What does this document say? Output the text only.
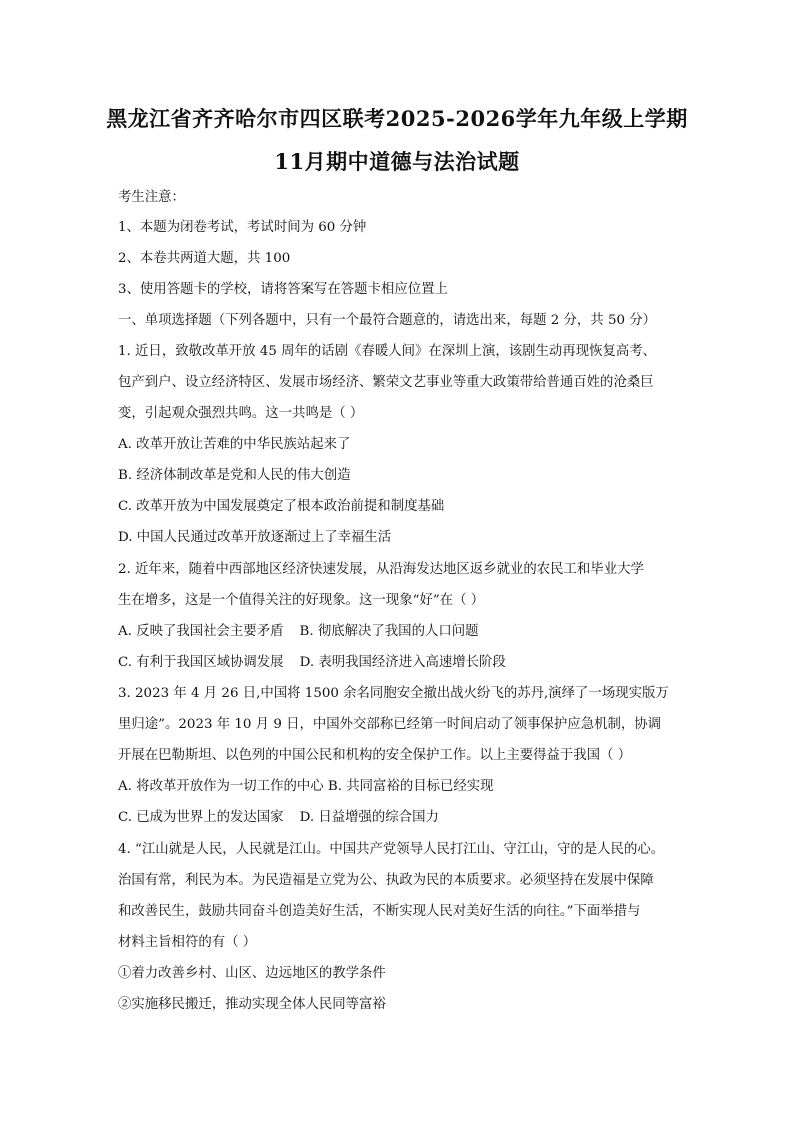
黑龙江省齐齐哈尔市四区联考2025-2026学年九年级上学期
11月期中道德与法治试题
考生注意：
1、本题为闭卷考试，考试时间为 60 分钟
2、本卷共两道大题，共 100
3、使用答题卡的学校，请将答案写在答题卡相应位置上
一、单项选择题（下列各题中，只有一个最符合题意的，请选出来，每题 2 分，共 50 分）
1. 近日，致敬改革开放 45 周年的话剧《春暖人间》在深圳上演，该剧生动再现恢复高考、
包产到户、设立经济特区、发展市场经济、繁荣文艺事业等重大政策带给普通百姓的沧桑巨
变，引起观众强烈共鸣。这一共鸣是（ ）
A. 改革开放让苦难的中华民族站起来了
B. 经济体制改革是党和人民的伟大创造
C. 改革开放为中国发展奠定了根本政治前提和制度基础
D. 中国人民通过改革开放逐渐过上了幸福生活
2. 近年来，随着中西部地区经济快速发展，从沿海发达地区返乡就业的农民工和毕业大学
生在增多，这是一个值得关注的好现象。这一现象“好”在（ ）
A. 反映了我国社会主要矛盾 B. 彻底解决了我国的人口问题
C. 有利于我国区域协调发展 D. 表明我国经济进入高速增长阶段
3. 2023 年 4 月 26 日,中国将 1500 余名同胞安全撤出战火纷飞的苏丹,演绎了一场现实版万
里归途”。2023 年 10 月 9 日，中国外交部称已经第一时间启动了领事保护应急机制，协调
开展在巴勒斯坦、以色列的中国公民和机构的安全保护工作。以上主要得益于我国（ ）
A. 将改革开放作为一切工作的中心 B. 共同富裕的目标已经实现
C. 已成为世界上的发达国家 D. 日益增强的综合国力
4. “江山就是人民，人民就是江山。中国共产党领导人民打江山、守江山，守的是人民的心。
治国有常，利民为本。为民造福是立党为公、执政为民的本质要求。必须坚持在发展中保障
和改善民生，鼓励共同奋斗创造美好生活，不断实现人民对美好生活的向往。”下面举措与
材料主旨相符的有（ ）
①着力改善乡村、山区、边远地区的教学条件
②实施移民搬迁，推动实现全体人民同等富裕
